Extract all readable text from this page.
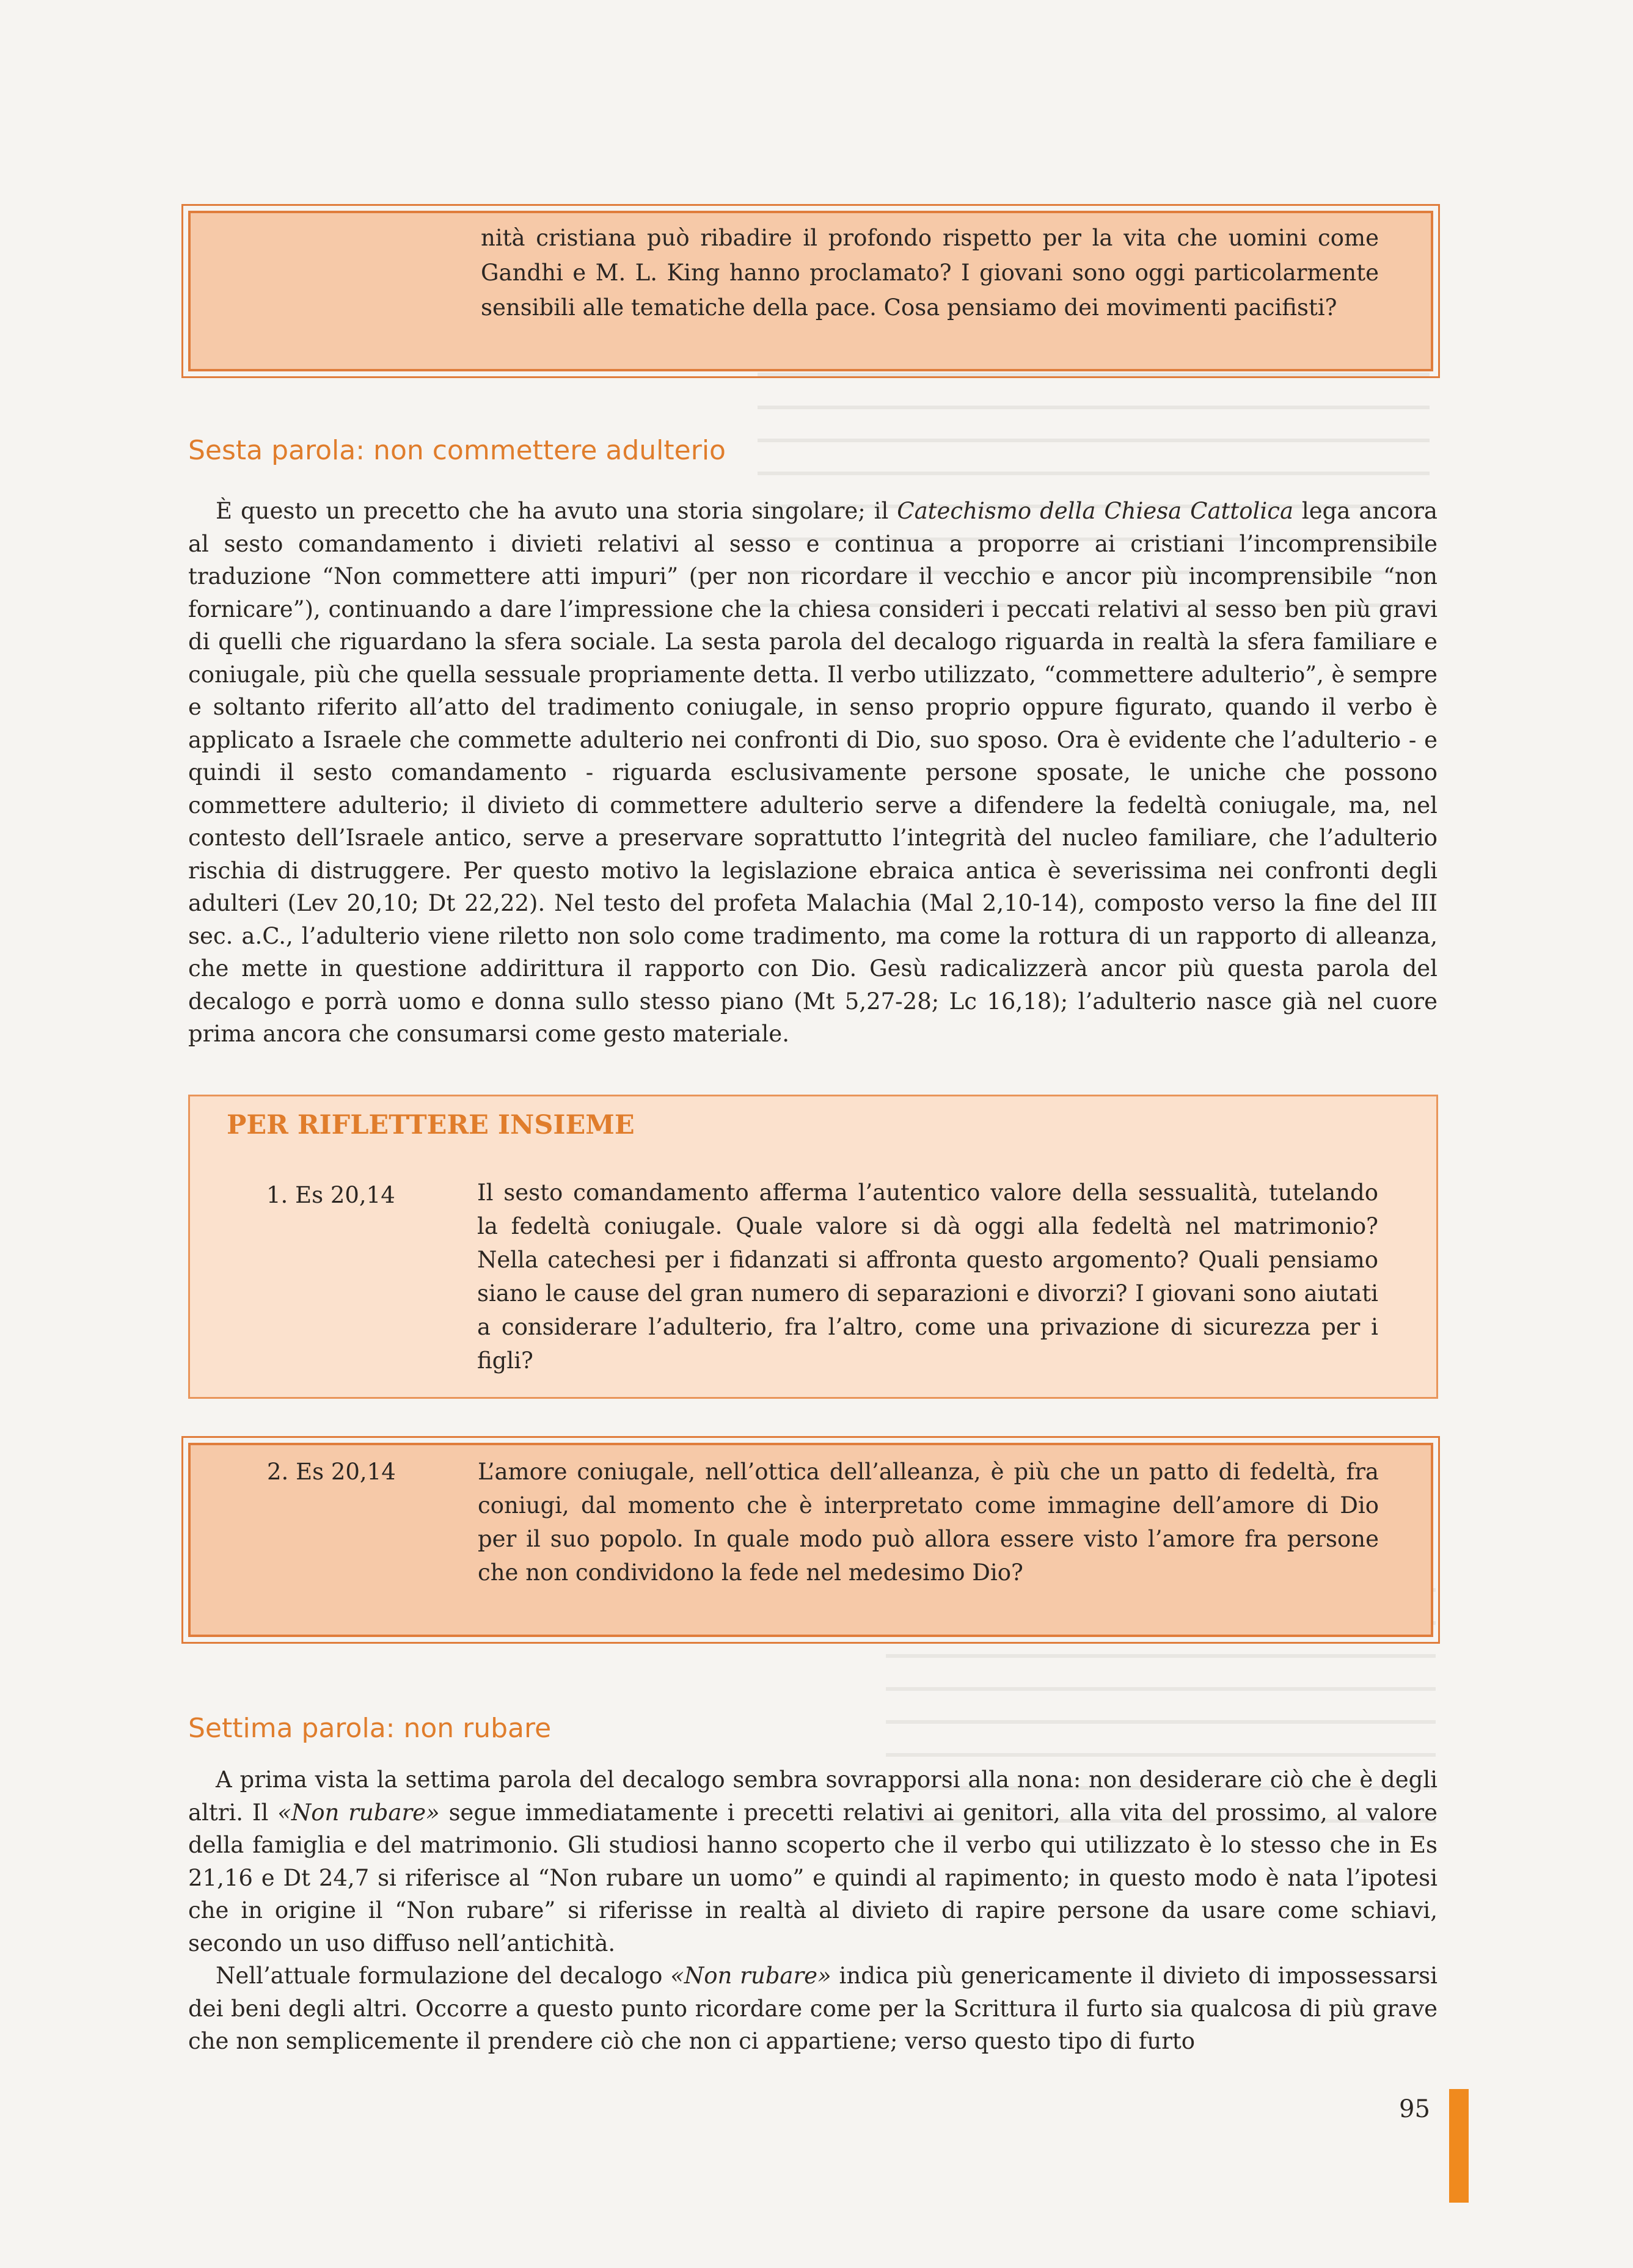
nità cristiana può ribadire il profondo rispetto per la vita che uomini come Gandhi e M. L. King hanno proclamato? I giovani sono oggi particolarmente sensibili alle tematiche della pace. Cosa pensiamo dei movimenti pacifisti?
Sesta parola: non commettere adulterio

È questo un precetto che ha avuto una storia singolare; il Catechismo della Chiesa Cattolica lega ancora al sesto comandamento i divieti relativi al sesso e continua a proporre ai cristiani l’incomprensibile traduzione “Non commettere atti impuri” (per non ricordare il vecchio e ancor più incomprensibile “non fornicare”), continuando a dare l’impressione che la chiesa consideri i peccati relativi al sesso ben più gravi di quelli che riguardano la sfera sociale. La sesta parola del decalogo riguarda in realtà la sfera familiare e coniugale, più che quella sessuale propriamente detta. Il verbo utilizzato, “commettere adulterio”, è sempre e soltanto riferito all’atto del tradimento coniugale, in senso proprio oppure figurato, quando il verbo è applicato a Israele che commette adulterio nei confronti di Dio, suo sposo. Ora è evidente che l’adulterio - e quindi il sesto comandamento - riguarda esclusivamente persone sposate, le uniche che possono commettere adulterio; il divieto di commettere adulterio serve a difendere la fedeltà coniugale, ma, nel contesto dell’Israele antico, serve a preservare soprattutto l’integrità del nucleo familiare, che l’adulterio rischia di distruggere. Per questo motivo la legislazione ebraica antica è severissima nei confronti degli adulteri (Lev 20,10; Dt 22,22). Nel testo del profeta Malachia (Mal 2,10-14), composto verso la fine del III sec. a.C., l’adulterio viene riletto non solo come tradimento, ma come la rottura di un rapporto di alleanza, che mette in questione addirittura il rapporto con Dio. Gesù radicalizzerà ancor più questa parola del decalogo e porrà uomo e donna sullo stesso piano (Mt 5,27-28; Lc 16,18); l’adulterio nasce già nel cuore prima ancora che consumarsi come gesto materiale.

PER RIFLETTERE INSIEME
1. Es 20,14	Il sesto comandamento afferma l’autentico valore della sessualità, tutelando la fedeltà coniugale. Quale valore si dà oggi alla fedeltà nel matrimonio? Nella catechesi per i fidanzati si affronta questo argomento? Quali pensiamo siano le cause del gran numero di separazioni e divorzi? I giovani sono aiutati a considerare l’adulterio, fra l’altro, come una privazione di sicurezza per i figli?
2. Es 20,14	L’amore coniugale, nell’ottica dell’alleanza, è più che un patto di fedeltà, fra coniugi, dal momento che è interpretato come immagine dell’amore di Dio per il suo popolo. In quale modo può allora essere visto l’amore fra persone che non condividono la fede nel medesimo Dio?
Settima parola: non rubare

A prima vista la settima parola del decalogo sembra sovrapporsi alla nona: non desiderare ciò che è degli altri. Il «Non rubare» segue immediatamente i precetti relativi ai genitori, alla vita del prossimo, al valore della famiglia e del matrimonio. Gli studiosi hanno scoperto che il verbo qui utilizzato è lo stesso che in Es 21,16 e Dt 24,7 si riferisce al “Non rubare un uomo” e quindi al rapimento; in questo modo è nata l’ipotesi che in origine il “Non rubare” si riferisse in realtà al divieto di rapire persone da usare come schiavi, secondo un uso diffuso nell’antichità.

Nell’attuale formulazione del decalogo «Non rubare» indica più genericamente il divieto di impossessarsi dei beni degli altri. Occorre a questo punto ricordare come per la Scrittura il furto sia qualcosa di più grave che non semplicemente il prendere ciò che non ci appartiene; verso questo tipo di furto

95
